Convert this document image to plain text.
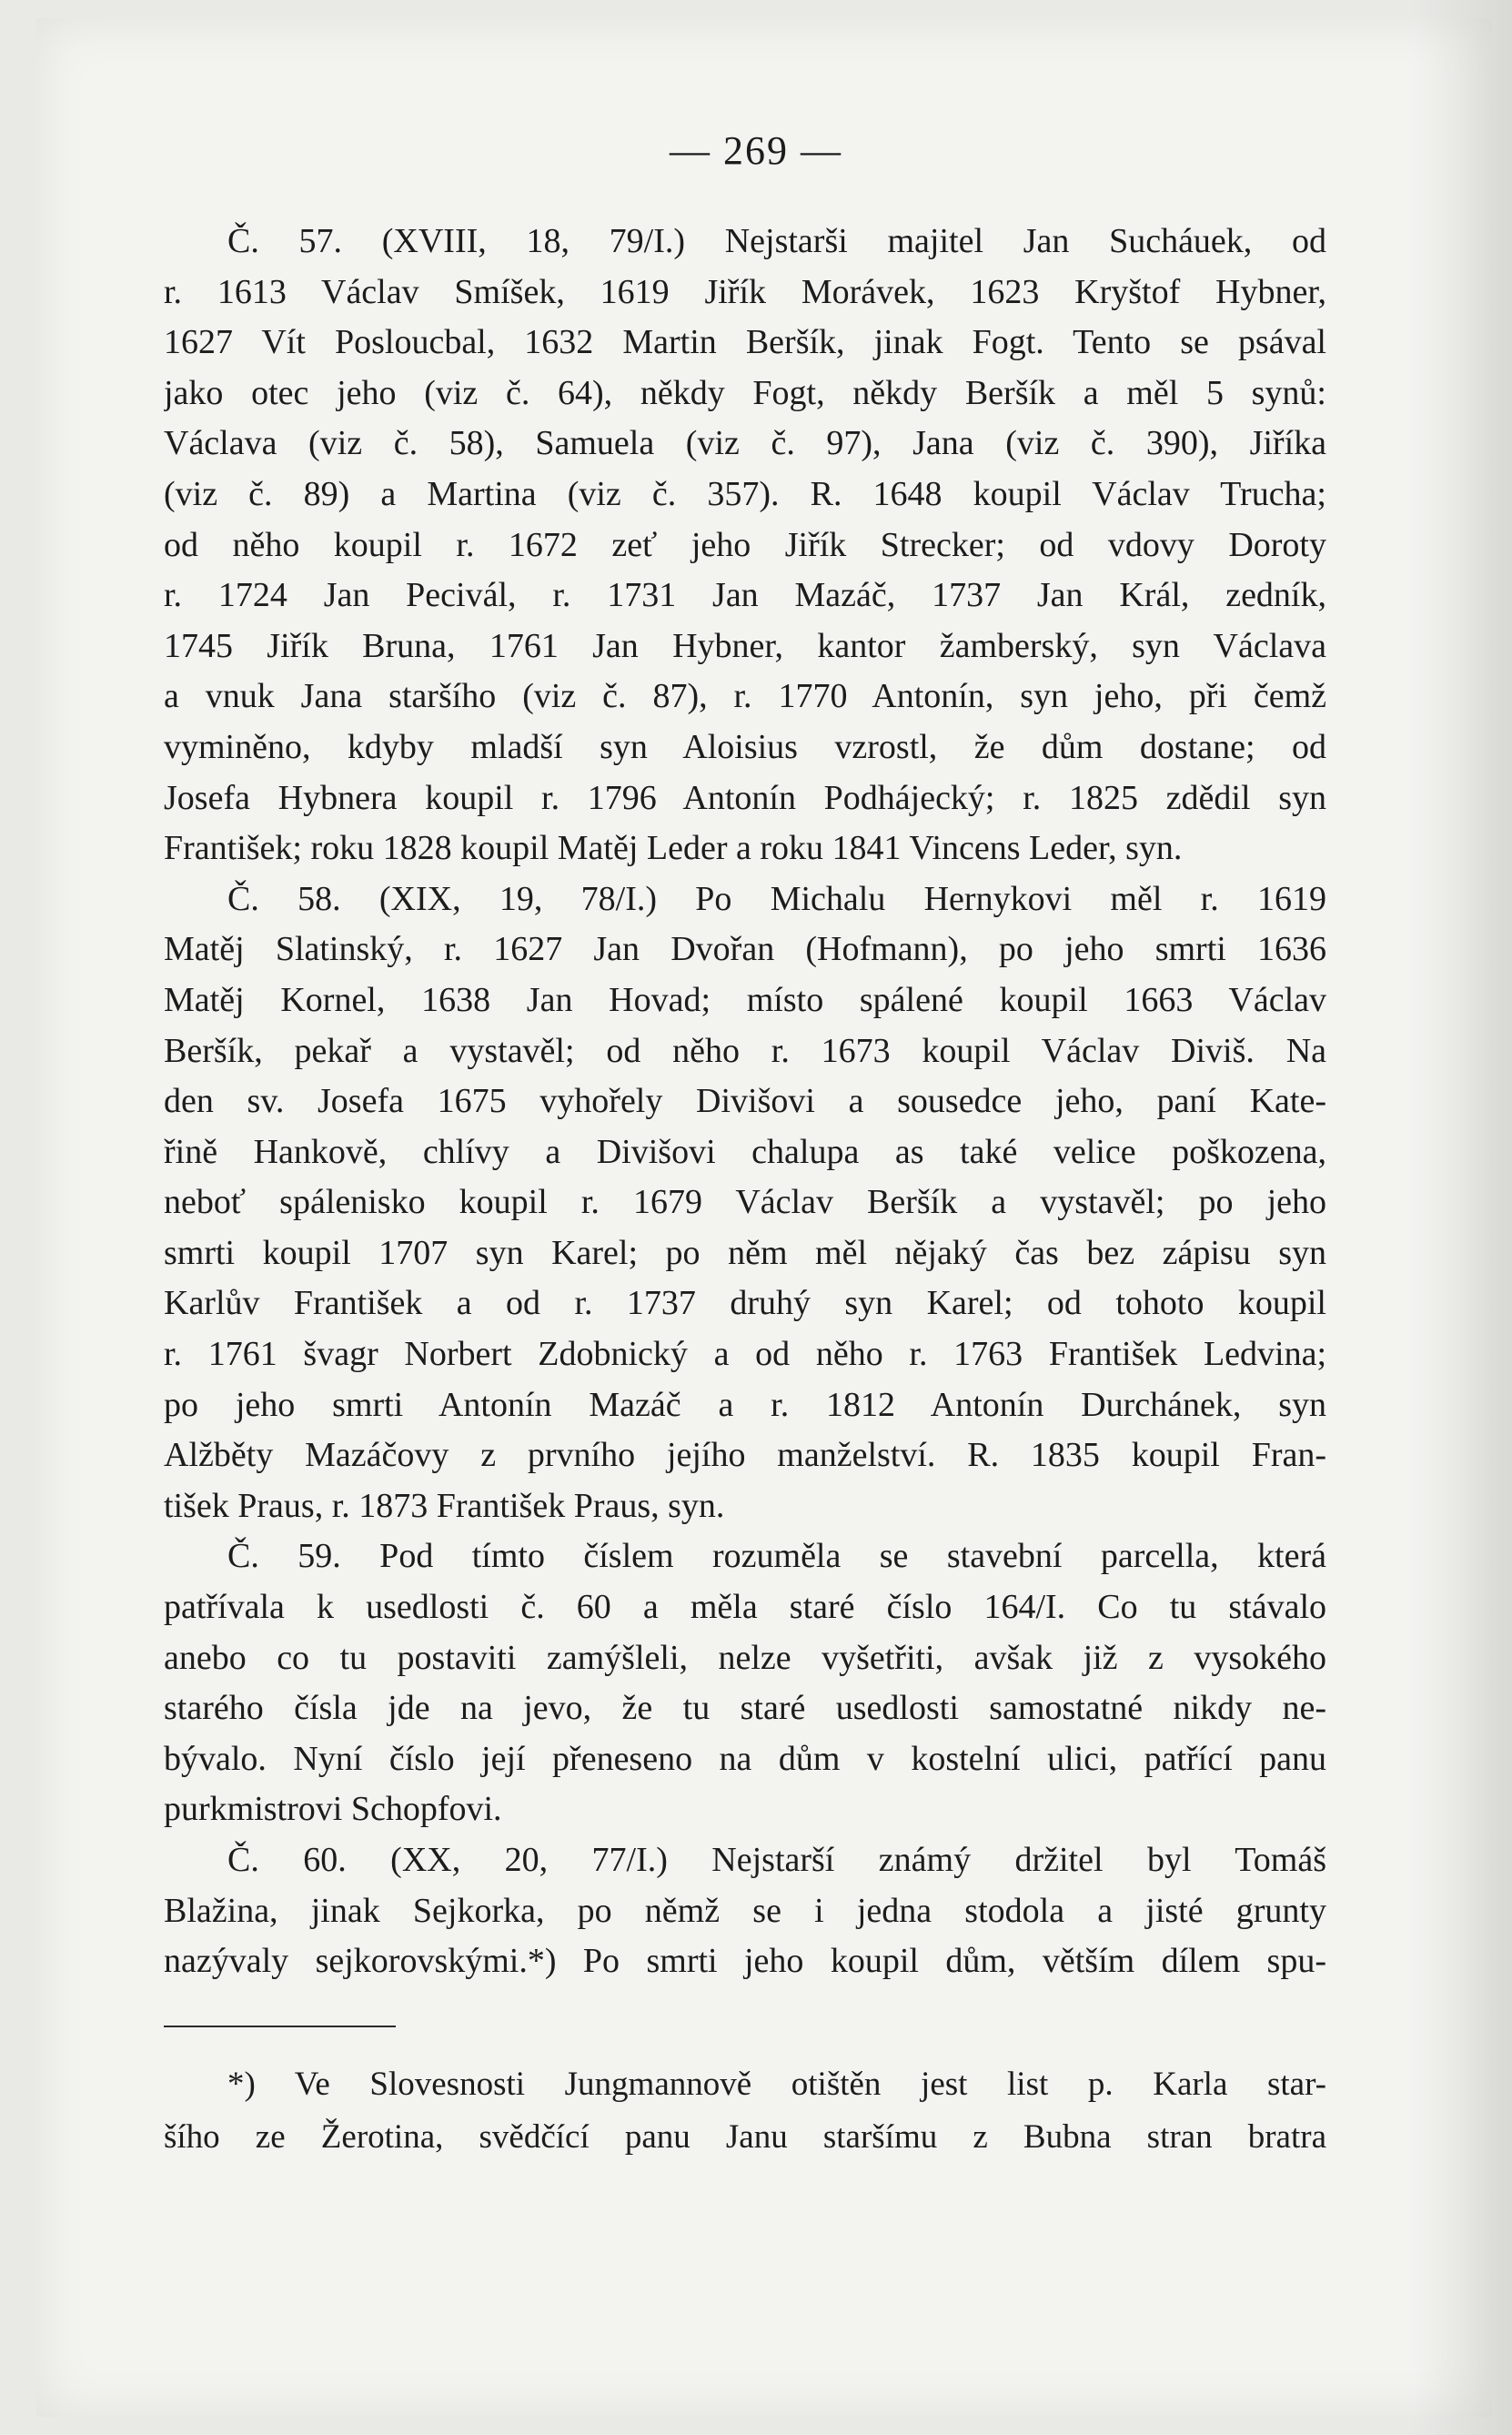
— 269 —
Č. 57. (XVIII, 18, 79/I.) Nejstarši majitel Jan Sucháuek, od
r. 1613 Václav Smíšek, 1619 Jiřík Morávek, 1623 Kryštof Hybner,
1627 Vít Posloucbal, 1632 Martin Beršík, jinak Fogt. Tento se psával
jako otec jeho (viz č. 64), někdy Fogt, někdy Beršík a měl 5 synů:
Václava (viz č. 58), Samuela (viz č. 97), Jana (viz č. 390), Jiříka
(viz č. 89) a Martina (viz č. 357). R. 1648 koupil Václav Trucha;
od něho koupil r. 1672 zeť jeho Jiřík Strecker; od vdovy Doroty
r. 1724 Jan Pecivál, r. 1731 Jan Mazáč, 1737 Jan Král, zedník,
1745 Jiřík Bruna, 1761 Jan Hybner, kantor žamberský, syn Václava
a vnuk Jana staršího (viz č. 87), r. 1770 Antonín, syn jeho, při čemž
vyminěno, kdyby mladší syn Aloisius vzrostl, že dům dostane; od
Josefa Hybnera koupil r. 1796 Antonín Podhájecký; r. 1825 zdědil syn
František; roku 1828 koupil Matěj Leder a roku 1841 Vincens Leder, syn.
Č. 58. (XIX, 19, 78/I.) Po Michalu Hernykovi měl r. 1619
Matěj Slatinský, r. 1627 Jan Dvořan (Hofmann), po jeho smrti 1636
Matěj Kornel, 1638 Jan Hovad; místo spálené koupil 1663 Václav
Beršík, pekař a vystavěl; od něho r. 1673 koupil Václav Diviš. Na
den sv. Josefa 1675 vyhořely Divišovi a sousedce jeho, paní Kate-
řině Hankově, chlívy a Divišovi chalupa as také velice poškozena,
neboť spálenisko koupil r. 1679 Václav Beršík a vystavěl; po jeho
smrti koupil 1707 syn Karel; po něm měl nějaký čas bez zápisu syn
Karlův František a od r. 1737 druhý syn Karel; od tohoto koupil
r. 1761 švagr Norbert Zdobnický a od něho r. 1763 František Ledvina;
po jeho smrti Antonín Mazáč a r. 1812 Antonín Durchánek, syn
Alžběty Mazáčovy z prvního jejího manželství. R. 1835 koupil Fran-
tišek Praus, r. 1873 František Praus, syn.
Č. 59. Pod tímto číslem rozuměla se stavební parcella, která
patřívala k usedlosti č. 60 a měla staré číslo 164/I. Co tu stávalo
anebo co tu postaviti zamýšleli, nelze vyšetřiti, avšak již z vysokého
starého čísla jde na jevo, že tu staré usedlosti samostatné nikdy ne-
bývalo. Nyní číslo její přeneseno na dům v kostelní ulici, patřící panu
purkmistrovi Schopfovi.
Č. 60. (XX, 20, 77/I.) Nejstarší známý držitel byl Tomáš
Blažina, jinak Sejkorka, po němž se i jedna stodola a jisté grunty
nazývaly sejkorovskými.*) Po smrti jeho koupil dům, větším dílem spu-
*) Ve Slovesnosti Jungmannově otištěn jest list p. Karla star-
šího ze Žerotina, svědčící panu Janu staršímu z Bubna stran bratra
